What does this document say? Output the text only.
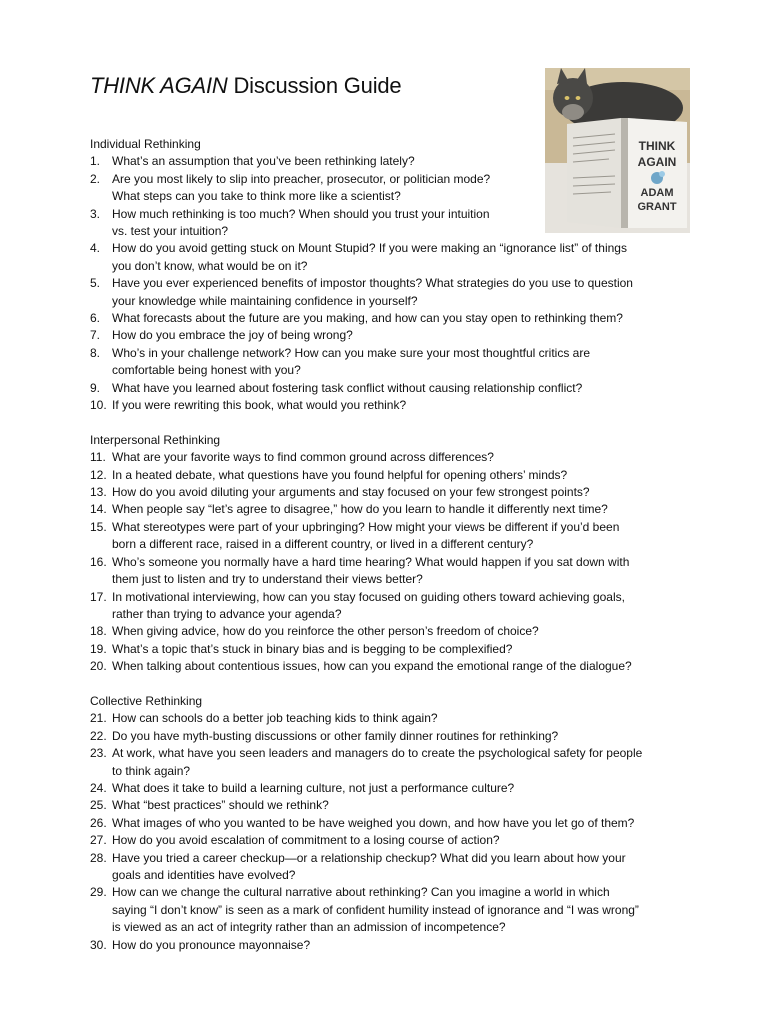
THINK AGAIN Discussion Guide
THINK
AGAIN
ADAM
GRANT
Individual Rethinking
1. What’s an assumption that you’ve been rethinking lately?
2. Are you most likely to slip into preacher, prosecutor, or politician mode?
What steps can you take to think more like a scientist?
3. How much rethinking is too much? When should you trust your intuition
vs. test your intuition?
4. How do you avoid getting stuck on Mount Stupid? If you were making an “ignorance list” of things
you don’t know, what would be on it?
5. Have you ever experienced benefits of impostor thoughts? What strategies do you use to question
your knowledge while maintaining confidence in yourself?
6. What forecasts about the future are you making, and how can you stay open to rethinking them?
7. How do you embrace the joy of being wrong?
8. Who’s in your challenge network? How can you make sure your most thoughtful critics are
comfortable being honest with you?
9. What have you learned about fostering task conflict without causing relationship conflict?
10. If you were rewriting this book, what would you rethink?
Interpersonal Rethinking
11. What are your favorite ways to find common ground across differences?
12. In a heated debate, what questions have you found helpful for opening others’ minds?
13. How do you avoid diluting your arguments and stay focused on your few strongest points?
14. When people say “let’s agree to disagree,” how do you learn to handle it differently next time?
15. What stereotypes were part of your upbringing? How might your views be different if you’d been
born a different race, raised in a different country, or lived in a different century?
16. Who’s someone you normally have a hard time hearing? What would happen if you sat down with
them just to listen and try to understand their views better?
17. In motivational interviewing, how can you stay focused on guiding others toward achieving goals,
rather than trying to advance your agenda?
18. When giving advice, how do you reinforce the other person’s freedom of choice?
19. What’s a topic that’s stuck in binary bias and is begging to be complexified?
20. When talking about contentious issues, how can you expand the emotional range of the dialogue?
Collective Rethinking
21. How can schools do a better job teaching kids to think again?
22. Do you have myth-busting discussions or other family dinner routines for rethinking?
23. At work, what have you seen leaders and managers do to create the psychological safety for people
to think again?
24. What does it take to build a learning culture, not just a performance culture?
25. What “best practices” should we rethink?
26. What images of who you wanted to be have weighed you down, and how have you let go of them?
27. How do you avoid escalation of commitment to a losing course of action?
28. Have you tried a career checkup—or a relationship checkup? What did you learn about how your
goals and identities have evolved?
29. How can we change the cultural narrative about rethinking? Can you imagine a world in which
saying “I don’t know” is seen as a mark of confident humility instead of ignorance and “I was wrong”
is viewed as an act of integrity rather than an admission of incompetence?
30. How do you pronounce mayonnaise?
